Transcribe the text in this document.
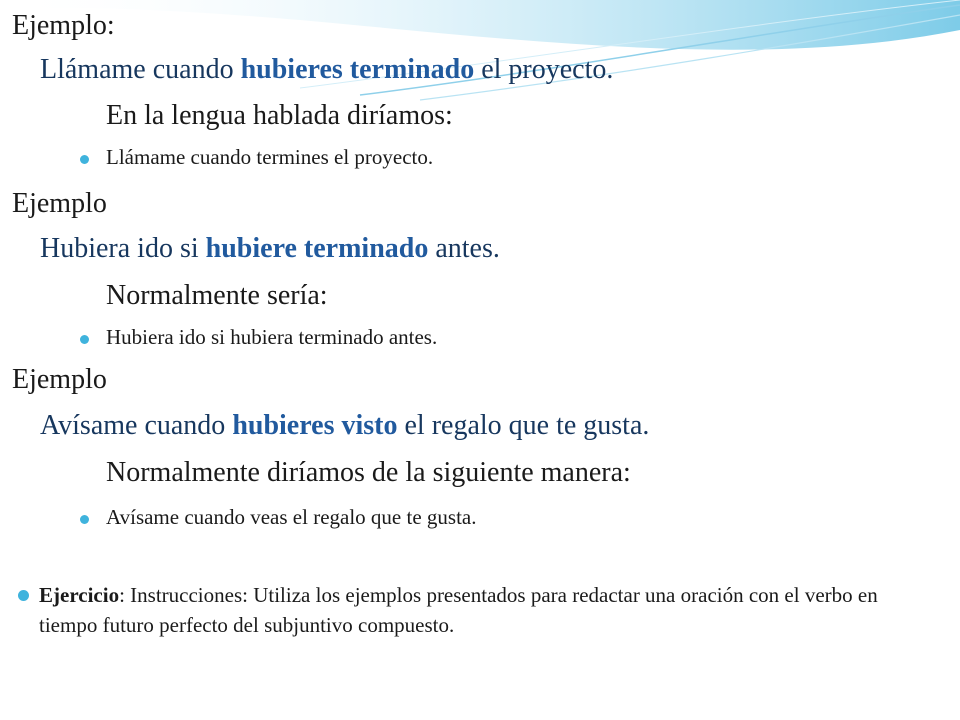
Ejemplo:
Llámame cuando hubieres terminado el proyecto.
En la lengua hablada diríamos:
Llámame cuando termines el proyecto.
Ejemplo
Hubiera ido si hubiere terminado antes.
Normalmente sería:
Hubiera ido si hubiera terminado antes.
Ejemplo
Avísame cuando hubieres visto el regalo que te gusta.
Normalmente diríamos de la siguiente manera:
Avísame cuando veas el regalo que te gusta.
Ejercicio: Instrucciones: Utiliza los ejemplos presentados para redactar una oración con el verbo en tiempo futuro perfecto del subjuntivo compuesto.
